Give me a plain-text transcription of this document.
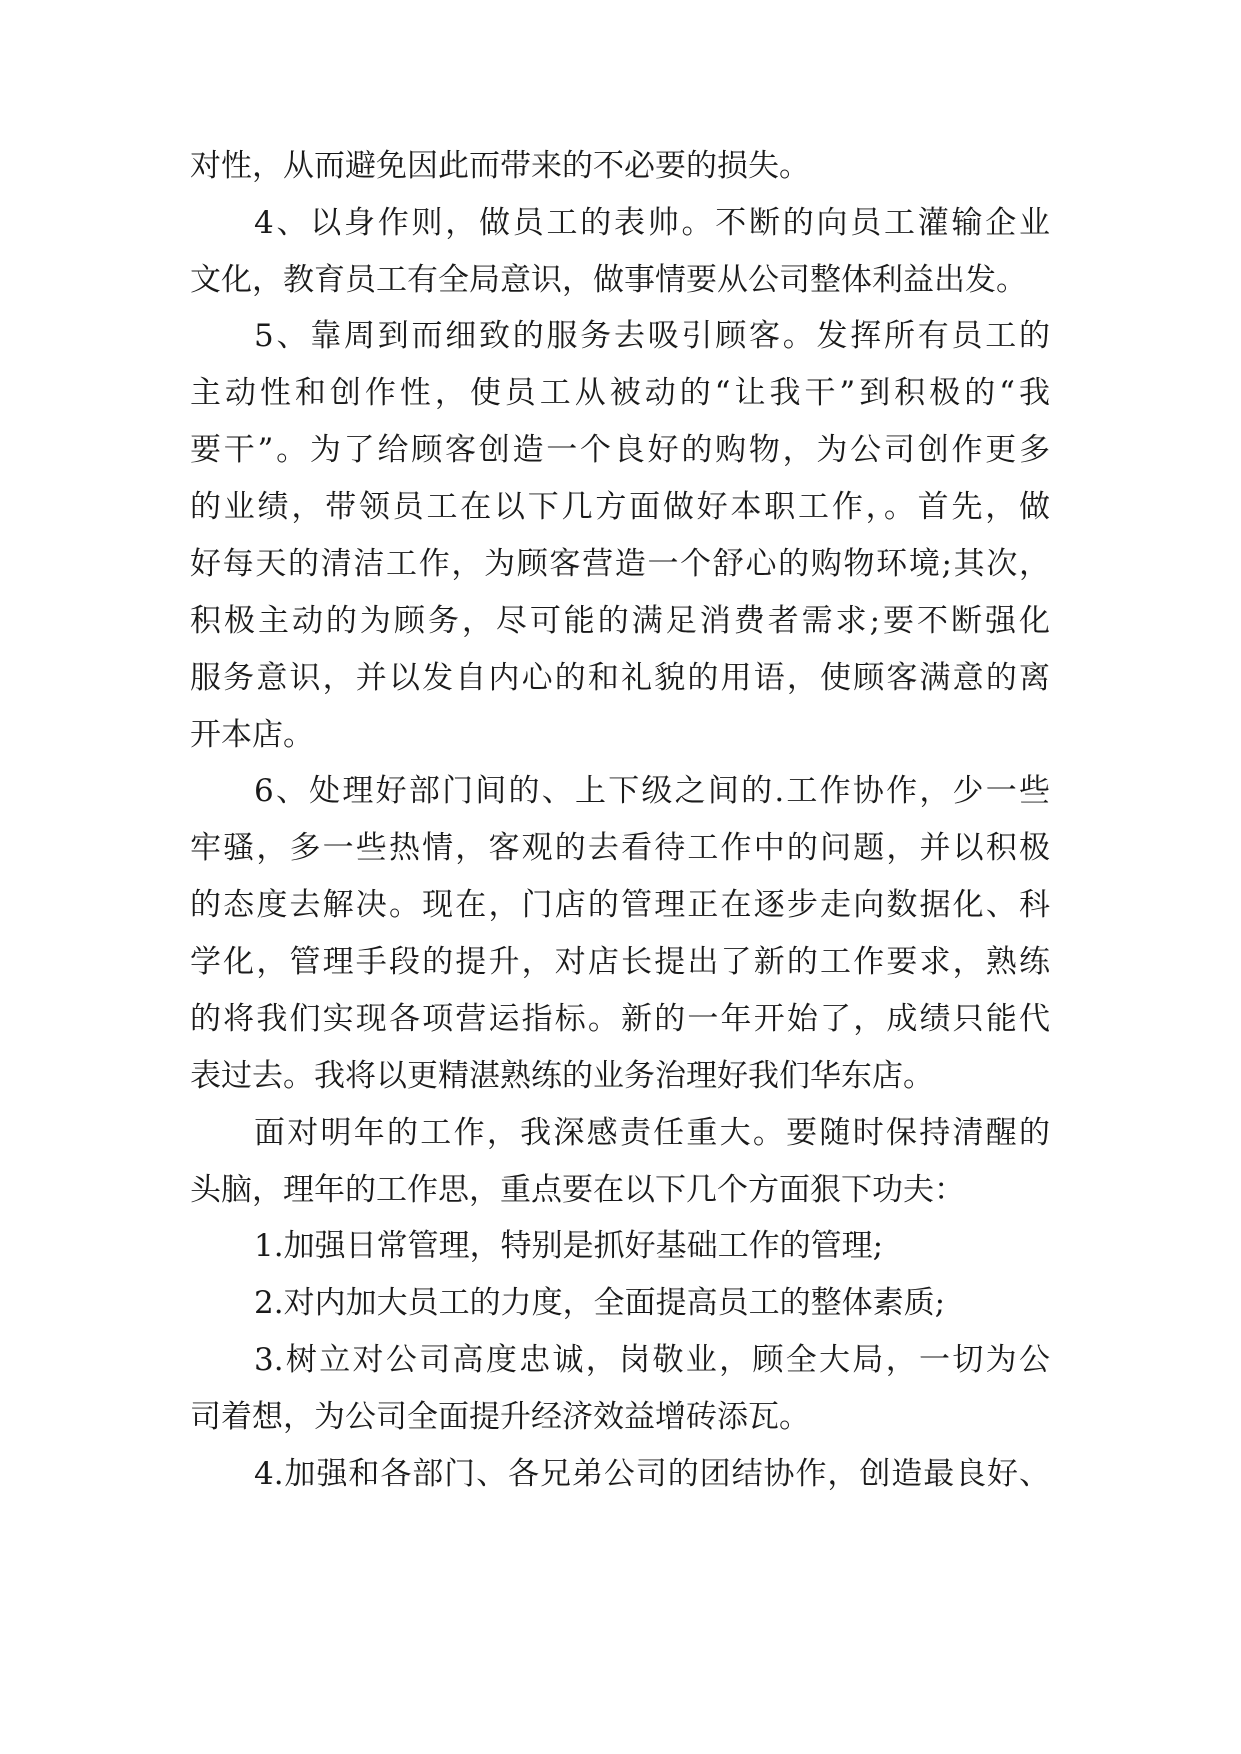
对性，从而避免因此而带来的不必要的损失。
4、以身作则，做员工的表帅。不断的向员工灌输企业
文化，教育员工有全局意识，做事情要从公司整体利益出发。
5、靠周到而细致的服务去吸引顾客。发挥所有员工的
主动性和创作性，使员工从被动的“让我干”到积极的“我
要干”。为了给顾客创造一个良好的购物，为公司创作更多
的业绩，带领员工在以下几方面做好本职工作，。首先，做
好每天的清洁工作，为顾客营造一个舒心的购物环境;其次，
积极主动的为顾务，尽可能的满足消费者需求;要不断强化
服务意识，并以发自内心的和礼貌的用语，使顾客满意的离
开本店。
6、处理好部门间的、上下级之间的.工作协作，少一些
牢骚，多一些热情，客观的去看待工作中的问题，并以积极
的态度去解决。现在，门店的管理正在逐步走向数据化、科
学化，管理手段的提升，对店长提出了新的工作要求，熟练
的将我们实现各项营运指标。新的一年开始了，成绩只能代
表过去。我将以更精湛熟练的业务治理好我们华东店。
面对明年的工作，我深感责任重大。要随时保持清醒的
头脑，理年的工作思，重点要在以下几个方面狠下功夫：
1.加强日常管理，特别是抓好基础工作的管理;
2.对内加大员工的力度，全面提高员工的整体素质;
3.树立对公司高度忠诚，岗敬业，顾全大局，一切为公
司着想，为公司全面提升经济效益增砖添瓦。
4.加强和各部门、各兄弟公司的团结协作，创造最良好、
